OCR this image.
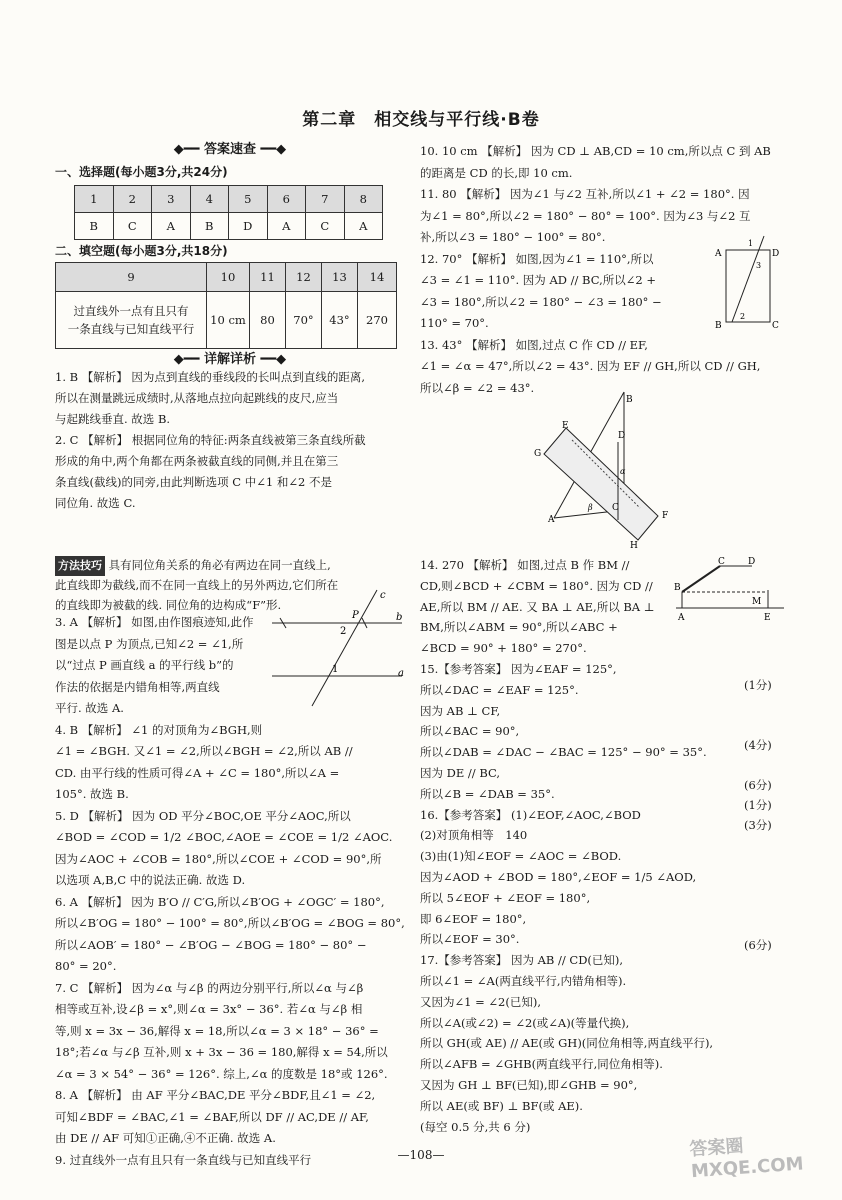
第二章　相交线与平行线·B卷
◆━━ 答案速查 ━━◆
一、选择题(每小题3分,共24分)
1	2	3	4	5	6	7	8
B	C	A	B	D	A	C	A
二、填空题(每小题3分,共18分)
9	10	11	12	13	14
过直线外一点有且只有
一条直线与已知直线平行	10 cm	80	70°	43°	270
◆━━ 详解详析 ━━◆
1. B 【解析】 因为点到直线的垂线段的长叫点到直线的距离,
所以在测量跳远成绩时,从落地点拉向起跳线的皮尺,应当
与起跳线垂直. 故选 B.
2. C 【解析】 根据同位角的特征:两条直线被第三条直线所截
形成的角中,两个角都在两条被截直线的同侧,并且在第三
条直线(截线)的同旁,由此判断选项 C 中∠1 和∠2 不是
同位角. 故选 C.
方法技巧 具有同位角关系的角必有两边在同一直线上,
此直线即为截线,而不在同一直线上的另外两边,它们所在
的直线即为被截的线. 同位角的边构成“F”形.
3. A 【解析】 如图,由作图痕迹知,此作
图是以点 P 为顶点,已知∠2 = ∠1,所
以“过点 P 画直线 a 的平行线 b”的
作法的依据是内错角相等,两直线
平行. 故选 A.
4. B 【解析】 ∠1 的对顶角为∠BGH,则
∠1 = ∠BGH. 又∠1 = ∠2,所以∠BGH = ∠2,所以 AB //
CD. 由平行线的性质可得∠A + ∠C = 180°,所以∠A =
105°. 故选 B.
5. D 【解析】 因为 OD 平分∠BOC,OE 平分∠AOC,所以
∠BOD = ∠COD = 1/2 ∠BOC,∠AOE = ∠COE = 1/2 ∠AOC.
因为∠AOC + ∠COB = 180°,所以∠COE + ∠COD = 90°,所
以选项 A,B,C 中的说法正确. 故选 D.
6. A 【解析】 因为 B′O // C′G,所以∠B′OG + ∠OGC′ = 180°,
所以∠B′OG = 180° − 100° = 80°,所以∠B′OG = ∠BOG = 80°,
所以∠AOB′ = 180° − ∠B′OG − ∠BOG = 180° − 80° −
80° = 20°.
7. C 【解析】 因为∠α 与∠β 的两边分别平行,所以∠α 与∠β
相等或互补,设∠β = x°,则∠α = 3x° − 36°. 若∠α 与∠β 相
等,则 x = 3x − 36,解得 x = 18,所以∠α = 3 × 18° − 36° =
18°;若∠α 与∠β 互补,则 x + 3x − 36 = 180,解得 x = 54,所以
∠α = 3 × 54° − 36° = 126°. 综上,∠α 的度数是 18°或 126°.
8. A 【解析】 由 AF 平分∠BAC,DE 平分∠BDF,且∠1 = ∠2,
可知∠BDF = ∠BAC,∠1 = ∠BAF,所以 DF // AC,DE // AF,
由 DE // AF 可知①正确,④不正确. 故选 A.
9. 过直线外一点有且只有一条直线与已知直线平行
c
b
a
P
2
1
10. 10 cm 【解析】 因为 CD ⊥ AB,CD = 10 cm,所以点 C 到 AB
的距离是 CD 的长,即 10 cm.
11. 80 【解析】 因为∠1 与∠2 互补,所以∠1 + ∠2 = 180°. 因
为∠1 = 80°,所以∠2 = 180° − 80° = 100°. 因为∠3 与∠2 互
补,所以∠3 = 180° − 100° = 80°.
12. 70° 【解析】 如图,因为∠1 = 110°,所以
∠3 = ∠1 = 110°. 因为 AD // BC,所以∠2 +
∠3 = 180°,所以∠2 = 180° − ∠3 = 180° −
110° = 70°.
13. 43° 【解析】 如图,过点 C 作 CD // EF,
∠1 = ∠α = 47°,所以∠2 = 43°. 因为 EF // GH,所以 CD // GH,
所以∠β = ∠2 = 43°.
A	D
B	C
1
3
2
B
E
G
D
α
β C
A	F
H
14. 270 【解析】 如图,过点 B 作 BM //
CD,则∠BCD + ∠CBM = 180°. 因为 CD //
AE,所以 BM // AE. 又 BA ⊥ AE,所以 BA ⊥
BM,所以∠ABM = 90°,所以∠ABC +
∠BCD = 90° + 180° = 270°.
15.【参考答案】 因为∠EAF = 125°,
所以∠DAC = ∠EAF = 125°.
因为 AB ⊥ CF,
所以∠BAC = 90°,
所以∠DAB = ∠DAC − ∠BAC = 125° − 90° = 35°.
因为 DE // BC,
所以∠B = ∠DAB = 35°.
16.【参考答案】 (1)∠EOF,∠AOC,∠BOD
(2)对顶角相等　140
(3)由(1)知∠EOF = ∠AOC = ∠BOD.
因为∠AOD + ∠BOD = 180°,∠EOF = 1/5 ∠AOD,
所以 5∠EOF + ∠EOF = 180°,
即 6∠EOF = 180°,
所以∠EOF = 30°.
17.【参考答案】 因为 AB // CD(已知),
所以∠1 = ∠A(两直线平行,内错角相等).
又因为∠1 = ∠2(已知),
所以∠A(或∠2) = ∠2(或∠A)(等量代换),
所以 GH(或 AE) // AE(或 GH)(同位角相等,两直线平行),
所以∠AFB = ∠GHB(两直线平行,同位角相等).
又因为 GH ⊥ BF(已知),即∠GHB = 90°,
所以 AE(或 BF) ⊥ BF(或 AE).
(每空 0.5 分,共 6 分)
C	D
B
M
A	E
(1分)
(4分)
(6分)
(1分)
(3分)
(6分)
—108—	答案圈 MXQE.COM
